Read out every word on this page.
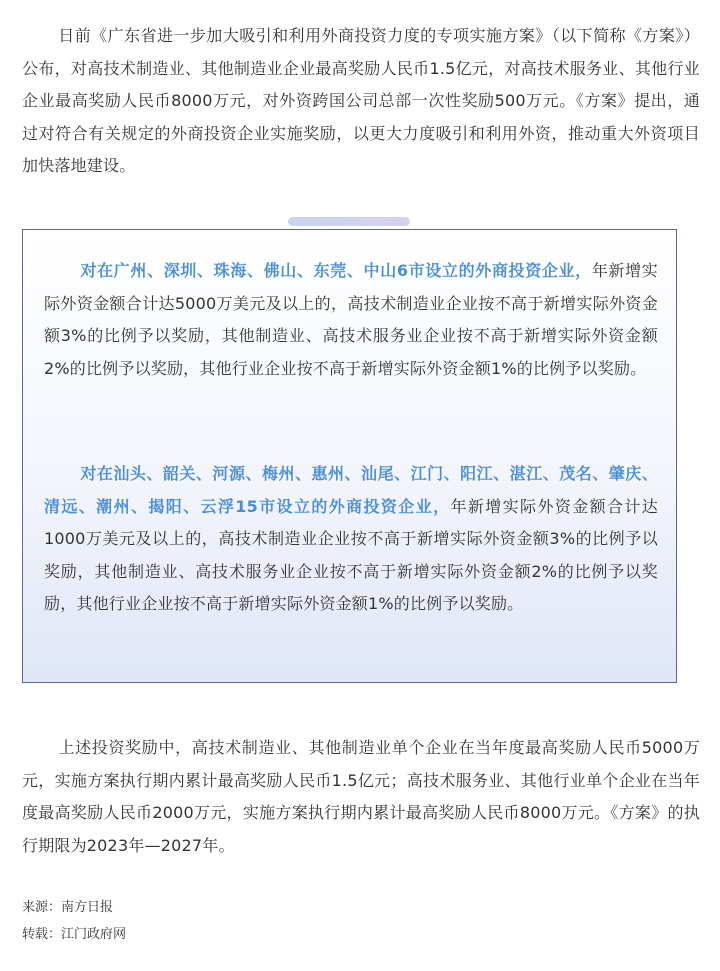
日前《广东省进一步加大吸引和利用外商投资力度的专项实施方案》（以下简称《方案》）公布，对高技术制造业、其他制造业企业最高奖励人民币1.5亿元，对高技术服务业、其他行业企业最高奖励人民币8000万元，对外资跨国公司总部一次性奖励500万元。《方案》提出，通过对符合有关规定的外商投资企业实施奖励，以更大力度吸引和利用外资，推动重大外资项目加快落地建设。

对在广州、深圳、珠海、佛山、东莞、中山6市设立的外商投资企业，年新增实际外资金额合计达5000万美元及以上的，高技术制造业企业按不高于新增实际外资金额3%的比例予以奖励，其他制造业、高技术服务业企业按不高于新增实际外资金额2%的比例予以奖励，其他行业企业按不高于新增实际外资金额1%的比例予以奖励。

对在汕头、韶关、河源、梅州、惠州、汕尾、江门、阳江、湛江、茂名、肇庆、清远、潮州、揭阳、云浮15市设立的外商投资企业，年新增实际外资金额合计达1000万美元及以上的，高技术制造业企业按不高于新增实际外资金额3%的比例予以奖励，其他制造业、高技术服务业企业按不高于新增实际外资金额2%的比例予以奖励，其他行业企业按不高于新增实际外资金额1%的比例予以奖励。

上述投资奖励中，高技术制造业、其他制造业单个企业在当年度最高奖励人民币5000万元，实施方案执行期内累计最高奖励人民币1.5亿元；高技术服务业、其他行业单个企业在当年度最高奖励人民币2000万元，实施方案执行期内累计最高奖励人民币8000万元。《方案》的执行期限为2023年—2027年。

来源：南方日报

转载：江门政府网
